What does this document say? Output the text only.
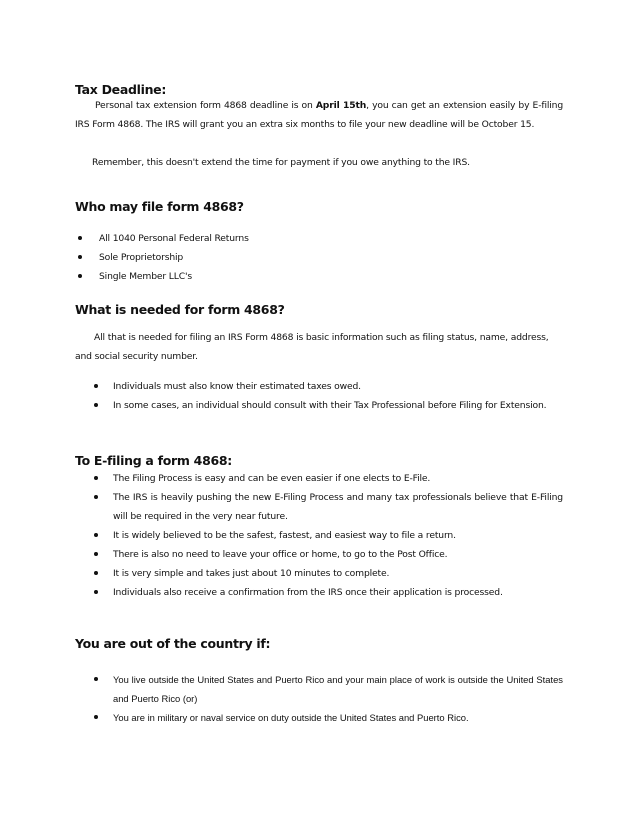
Tax Deadline:

Personal tax extension form 4868 deadline is on April 15th, you can get an extension easily by E-filing IRS Form 4868. The IRS will grant you an extra six months to file your new deadline will be October 15.

Remember, this doesn't extend the time for payment if you owe anything to the IRS.

Who may file form 4868?
All 1040 Personal Federal Returns
Sole Proprietorship
Single Member LLC's
What is needed for form 4868?

All that is needed for filing an IRS Form 4868 is basic information such as filing status, name, address, and social security number.

Individuals must also know their estimated taxes owed.
In some cases, an individual should consult with their Tax Professional before Filing for Extension.
To E-filing a form 4868:
The Filing Process is easy and can be even easier if one elects to E-File.
The IRS is heavily pushing the new E-Filing Process and many tax professionals believe that E-Filing will be required in the very near future.
It is widely believed to be the safest, fastest, and easiest way to file a return.
There is also no need to leave your office or home, to go to the Post Office.
It is very simple and takes just about 10 minutes to complete.
Individuals also receive a confirmation from the IRS once their application is processed.
You are out of the country if:
You live outside the United States and Puerto Rico and your main place of work is outside the United States and Puerto Rico (or)
You are in military or naval service on duty outside the United States and Puerto Rico.
